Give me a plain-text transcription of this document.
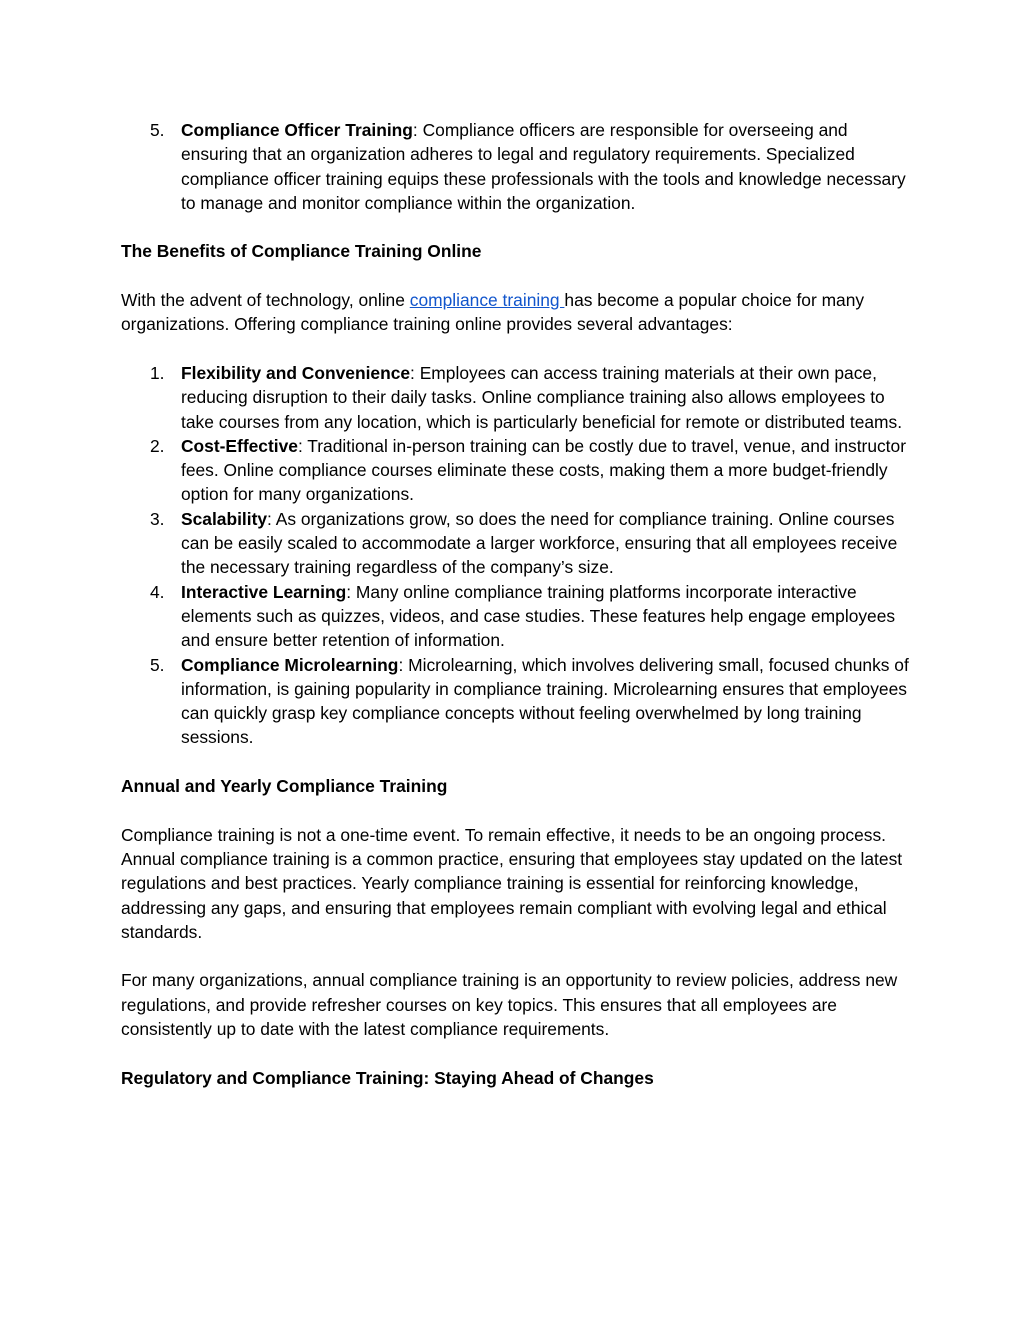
5. Compliance Officer Training: Compliance officers are responsible for overseeing and ensuring that an organization adheres to legal and regulatory requirements. Specialized compliance officer training equips these professionals with the tools and knowledge necessary to manage and monitor compliance within the organization.
The Benefits of Compliance Training Online

With the advent of technology, online compliance training has become a popular choice for many organizations. Offering compliance training online provides several advantages:

1. Flexibility and Convenience: Employees can access training materials at their own pace, reducing disruption to their daily tasks. Online compliance training also allows employees to take courses from any location, which is particularly beneficial for remote or distributed teams.
2. Cost-Effective: Traditional in-person training can be costly due to travel, venue, and instructor fees. Online compliance courses eliminate these costs, making them a more budget-friendly option for many organizations.
3. Scalability: As organizations grow, so does the need for compliance training. Online courses can be easily scaled to accommodate a larger workforce, ensuring that all employees receive the necessary training regardless of the company’s size.
4. Interactive Learning: Many online compliance training platforms incorporate interactive elements such as quizzes, videos, and case studies. These features help engage employees and ensure better retention of information.
5. Compliance Microlearning: Microlearning, which involves delivering small, focused chunks of information, is gaining popularity in compliance training. Microlearning ensures that employees can quickly grasp key compliance concepts without feeling overwhelmed by long training sessions.
Annual and Yearly Compliance Training

Compliance training is not a one-time event. To remain effective, it needs to be an ongoing process. Annual compliance training is a common practice, ensuring that employees stay updated on the latest regulations and best practices. Yearly compliance training is essential for reinforcing knowledge, addressing any gaps, and ensuring that employees remain compliant with evolving legal and ethical standards.

For many organizations, annual compliance training is an opportunity to review policies, address new regulations, and provide refresher courses on key topics. This ensures that all employees are consistently up to date with the latest compliance requirements.

Regulatory and Compliance Training: Staying Ahead of Changes
